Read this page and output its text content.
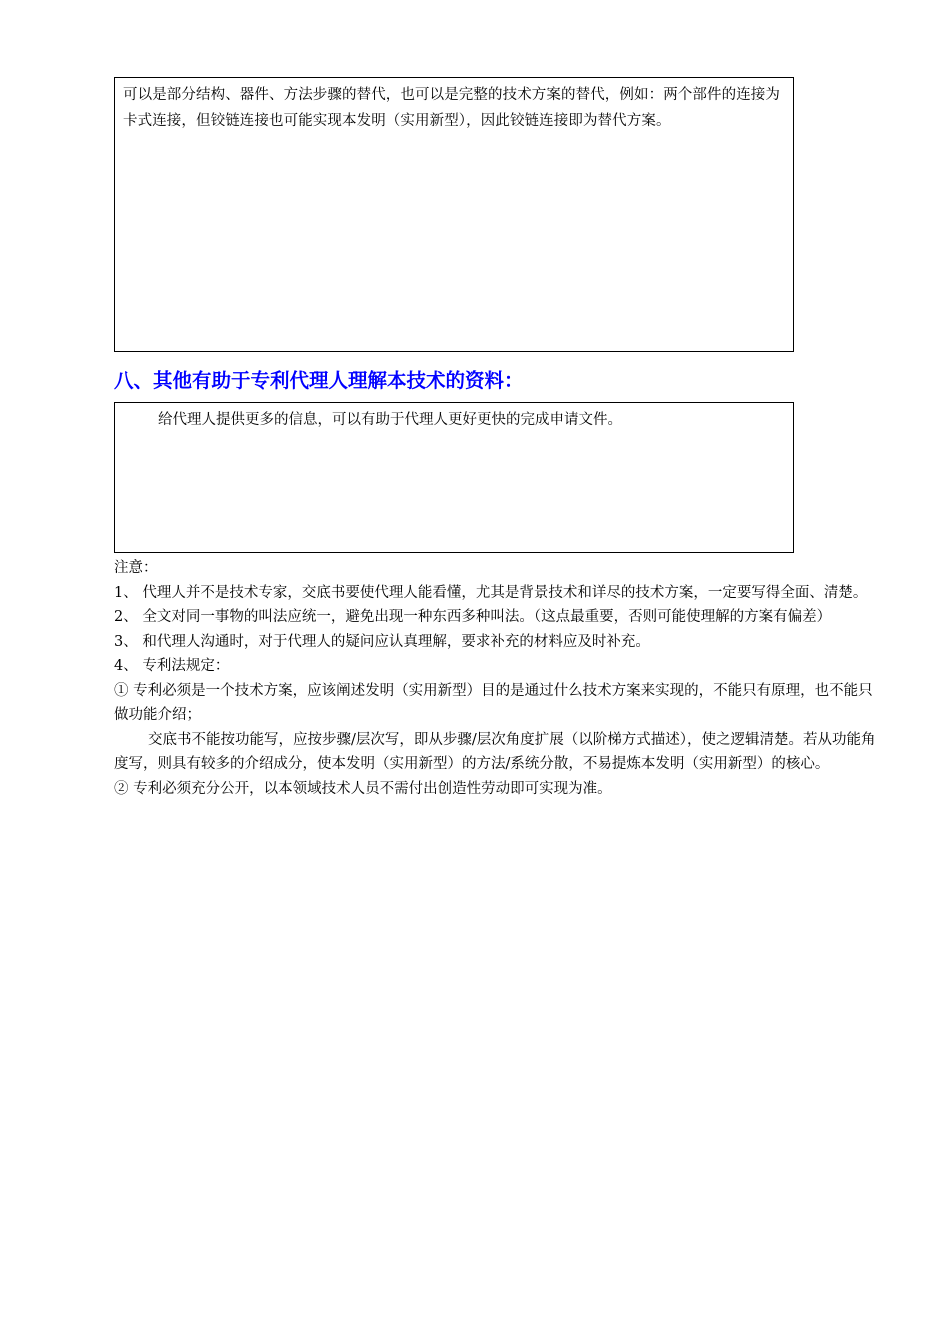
可以是部分结构、器件、方法步骤的替代，也可以是完整的技术方案的替代，例如：两个部件的连接为卡式连接，但铰链连接也可能实现本发明（实用新型），因此铰链连接即为替代方案。
八、其他有助于专利代理人理解本技术的资料：
给代理人提供更多的信息，可以有助于代理人更好更快的完成申请文件。

注意：

1、 代理人并不是技术专家，交底书要使代理人能看懂，尤其是背景技术和详尽的技术方案，一定要写得全面、清楚。

2、 全文对同一事物的叫法应统一，避免出现一种东西多种叫法。（这点最重要，否则可能使理解的方案有偏差）

3、 和代理人沟通时，对于代理人的疑问应认真理解，要求补充的材料应及时补充。

4、 专利法规定：

① 专利必须是一个技术方案，应该阐述发明（实用新型）目的是通过什么技术方案来实现的，不能只有原理，也不能只做功能介绍；

交底书不能按功能写，应按步骤/层次写，即从步骤/层次角度扩展（以阶梯方式描述），使之逻辑清楚。若从功能角度写，则具有较多的介绍成分，使本发明（实用新型）的方法/系统分散，不易提炼本发明（实用新型）的核心。

② 专利必须充分公开，以本领域技术人员不需付出创造性劳动即可实现为准。
